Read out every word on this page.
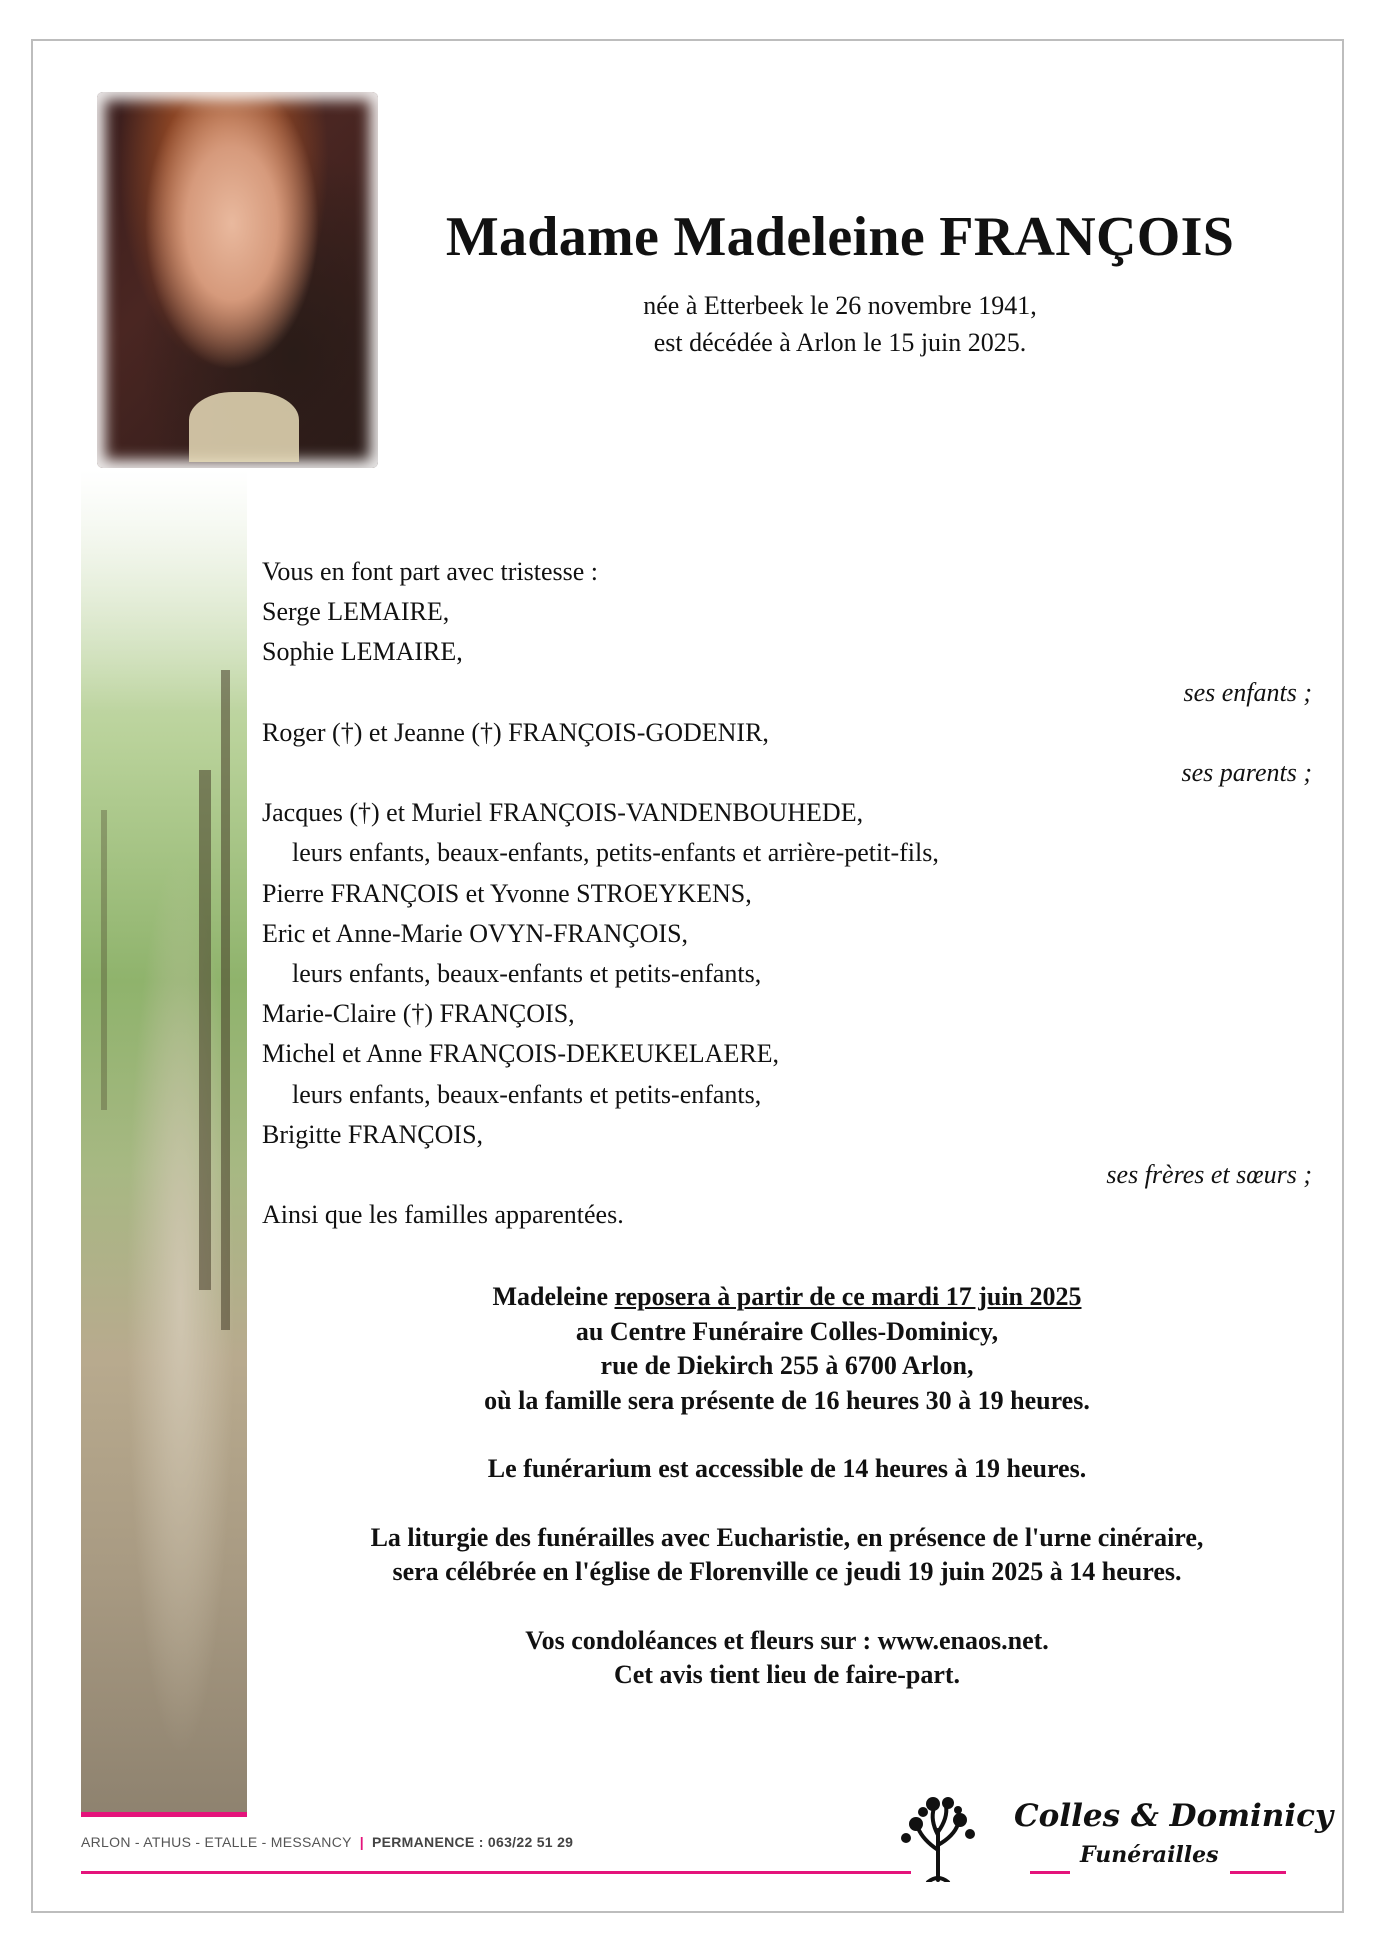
Madame Madeleine FRANÇOIS
née à Etterbeek le 26 novembre 1941,
est décédée à Arlon le 15 juin 2025.
Vous en font part avec tristesse :
Serge LEMAIRE,
Sophie LEMAIRE,
ses enfants ;
Roger (†) et Jeanne (†) FRANÇOIS-GODENIR,
ses parents ;
Jacques (†) et Muriel FRANÇOIS-VANDENBOUHEDE,
leurs enfants, beaux-enfants, petits-enfants et arrière-petit-fils,
Pierre FRANÇOIS et Yvonne STROEYKENS,
Eric et Anne-Marie OVYN-FRANÇOIS,
leurs enfants, beaux-enfants et petits-enfants,
Marie-Claire (†) FRANÇOIS,
Michel et Anne FRANÇOIS-DEKEUKELAERE,
leurs enfants, beaux-enfants et petits-enfants,
Brigitte FRANÇOIS,
ses frères et sœurs ;
Ainsi que les familles apparentées.
Madeleine reposera à partir de ce mardi 17 juin 2025
au Centre Funéraire Colles-Dominicy,
rue de Diekirch 255 à 6700 Arlon,
où la famille sera présente de 16 heures 30 à 19 heures.
Le funérarium est accessible de 14 heures à 19 heures.
La liturgie des funérailles avec Eucharistie, en présence de l'urne cinéraire,
sera célébrée en l'église de Florenville ce jeudi 19 juin 2025 à 14 heures.
Vos condoléances et fleurs sur : www.enaos.net.
Cet avis tient lieu de faire-part.
ARLON - ATHUS - ETALLE - MESSANCY | PERMANENCE : 063/22 51 29
Colles & Dominicy
Funérailles
